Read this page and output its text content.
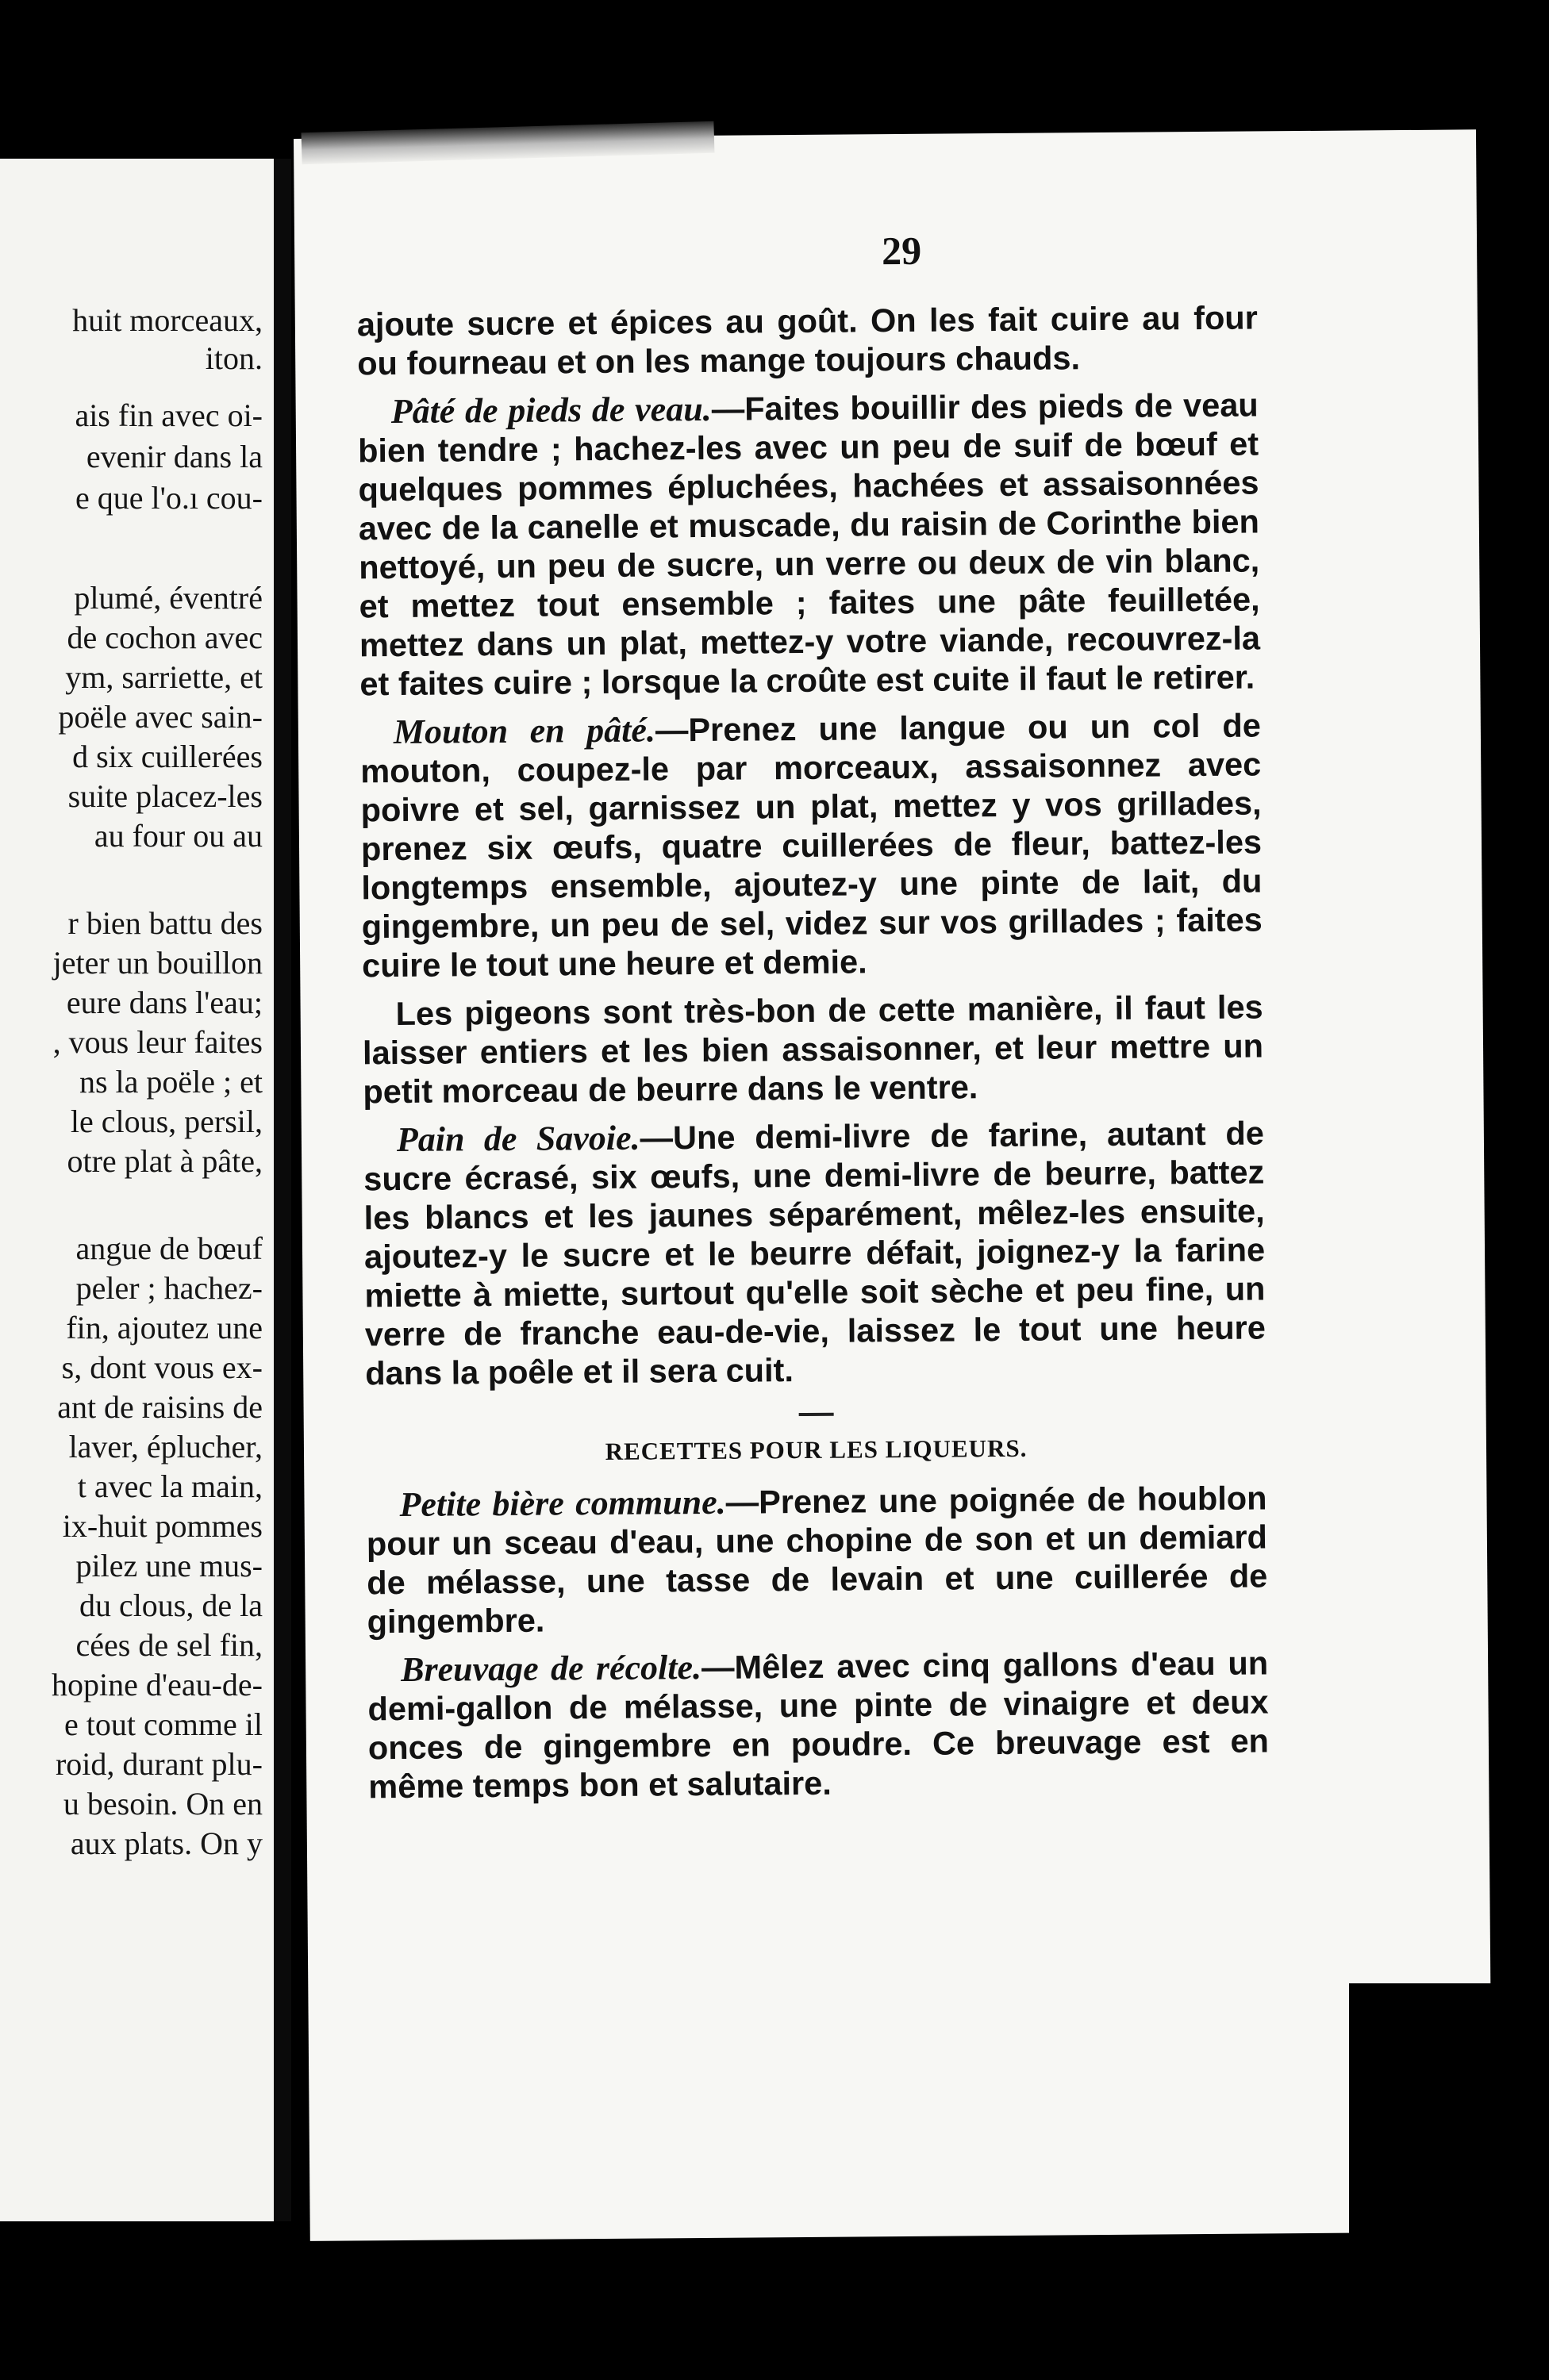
huit morceaux,
iton.
ais fin avec oi-
evenir dans la
e que l'o.ı cou-
plumé, éventré
de cochon avec
ym, sarriette, et
poële avec sain-
d six cuillerées
suite placez-les
au four ou au
r bien battu des
jeter un bouillon
eure dans l'eau;
, vous leur faites
ns la poële ; et
le clous, persil,
otre plat à pâte,
angue de bœuf
peler ; hachez-
fin, ajoutez une
s, dont vous ex-
ant de raisins de
laver, éplucher,
t avec la main,
ix-huit pommes
pilez une mus-
du clous, de la
cées de sel fin,
hopine d'eau-de-
e tout comme il
roid, durant plu-
u besoin. On en
aux plats. On y
29

ajoute sucre et épices au goût. On les fait cuire au four ou fourneau et on les mange toujours chauds.

Pâté de pieds de veau.—Faites bouillir des pieds de veau bien tendre ; hachez-les avec un peu de suif de bœuf et quelques pommes épluchées, hachées et assaisonnées avec de la canelle et muscade, du raisin de Corinthe bien nettoyé, un peu de sucre, un verre ou deux de vin blanc, et mettez tout ensemble ; faites une pâte feuilletée, mettez dans un plat, mettez-y votre viande, recouvrez-la et faites cuire ; lorsque la croûte est cuite il faut le retirer.

Mouton en pâté.—Prenez une langue ou un col de mouton, coupez-le par morceaux, assaisonnez avec poivre et sel, garnissez un plat, mettez y vos grillades, prenez six œufs, quatre cuillerées de fleur, battez-les longtemps ensemble, ajoutez-y une pinte de lait, du gingembre, un peu de sel, videz sur vos grillades ; faites cuire le tout une heure et demie.

Les pigeons sont très-bon de cette manière, il faut les laisser entiers et les bien assaisonner, et leur mettre un petit morceau de beurre dans le ventre.

Pain de Savoie.—Une demi-livre de farine, autant de sucre écrasé, six œufs, une demi-livre de beurre, battez les blancs et les jaunes séparément, mêlez-les ensuite, ajoutez-y le sucre et le beurre défait, joignez-y la farine miette à miette, surtout qu'elle soit sèche et peu fine, un verre de franche eau-de-vie, laissez le tout une heure dans la poêle et il sera cuit.

RECETTES POUR LES LIQUEURS.

Petite bière commune.—Prenez une poignée de houblon pour un sceau d'eau, une chopine de son et un demiard de mélasse, une tasse de levain et une cuillerée de gingembre.

Breuvage de récolte.—Mêlez avec cinq gallons d'eau un demi-gallon de mélasse, une pinte de vinaigre et deux onces de gingembre en poudre. Ce breuvage est en même temps bon et salutaire.
